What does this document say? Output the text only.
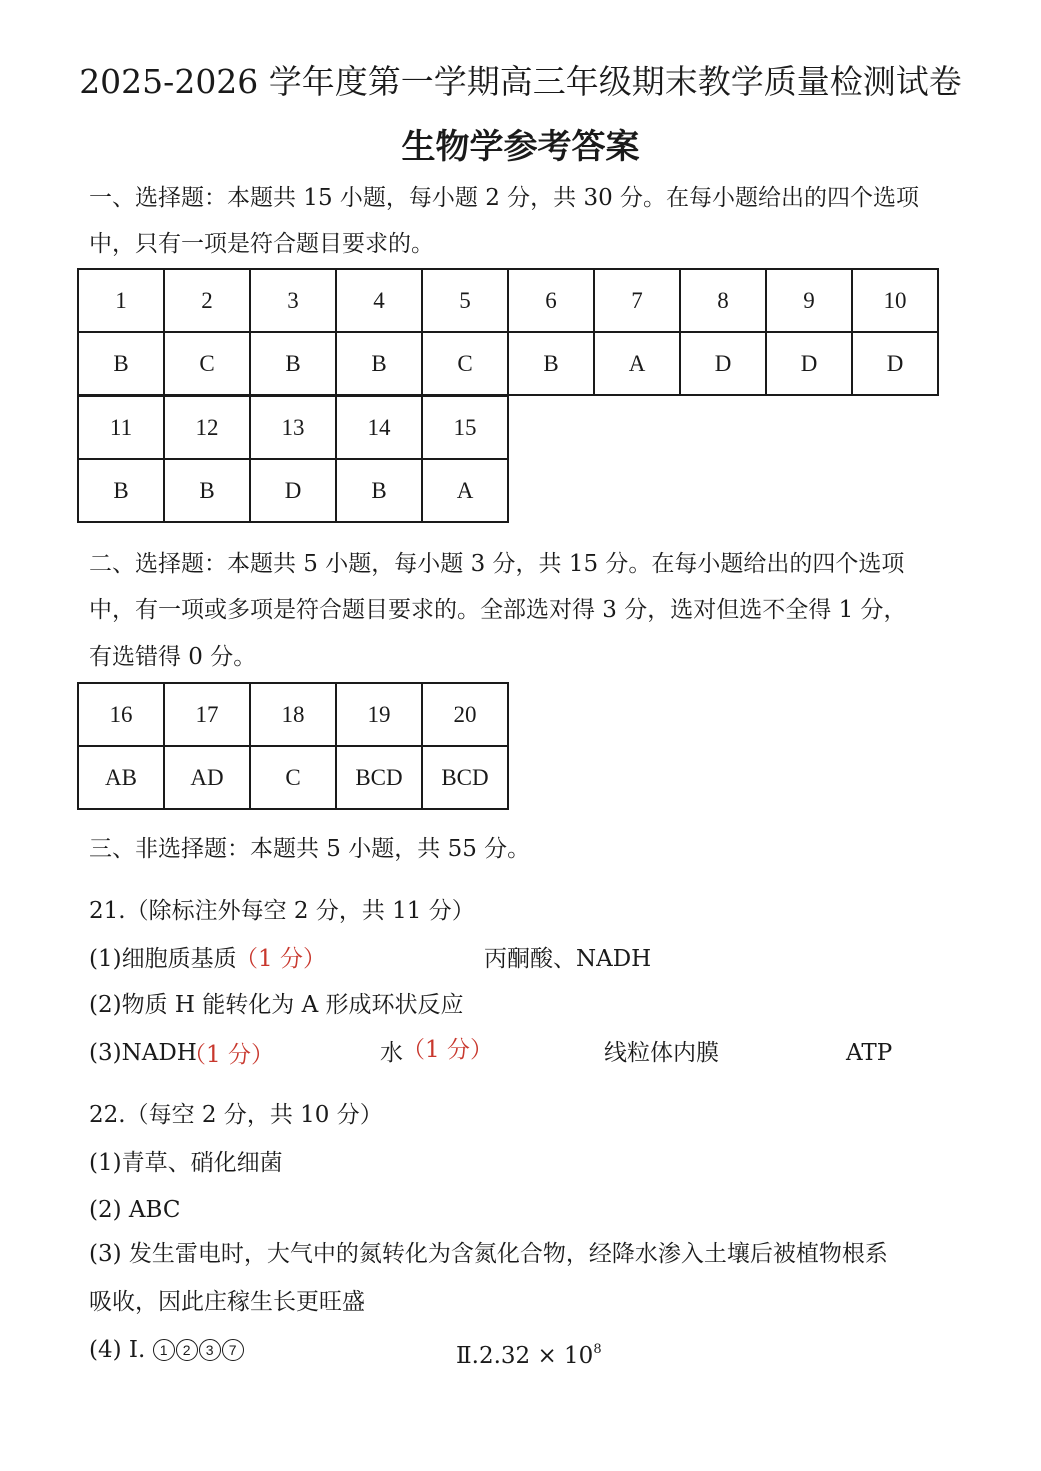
2025-2026 学年度第一学期高三年级期末教学质量检测试卷
生物学参考答案
一、选择题：本题共 15 小题，每小题 2 分，共 30 分。在每小题给出的四个选项
中，只有一项是符合题目要求的。
1	2	3	4	5	6	7	8	9	10
B	C	B	B	C	B	A	D	D	D
11	12	13	14	15
B	B	D	B	A
二、选择题：本题共 5 小题，每小题 3 分，共 15 分。在每小题给出的四个选项
中，有一项或多项是符合题目要求的。全部选对得 3 分，选对但选不全得 1 分，
有选错得 0 分。
16	17	18	19	20
AB	AD	C	BCD	BCD
三、非选择题：本题共 5 小题，共 55 分。
21.（除标注外每空 2 分，共 11 分）
(1)细胞质基质
（1 分）	丙酮酸、NADH
(2)物质 H 能转化为 A 形成环状反应
(3)NADH
（1 分）	水 （1 分）	线粒体内膜	ATP
22.（每空 2 分，共 10 分）
(1)青草、硝化细菌
(2) ABC
(3) 发生雷电时，大气中的氮转化为含氮化合物，经降水渗入土壤后被植物根系
吸收，因此庄稼生长更旺盛
(4) Ⅰ. 1 2 3 7	Ⅱ.2.32 × $10^8$
